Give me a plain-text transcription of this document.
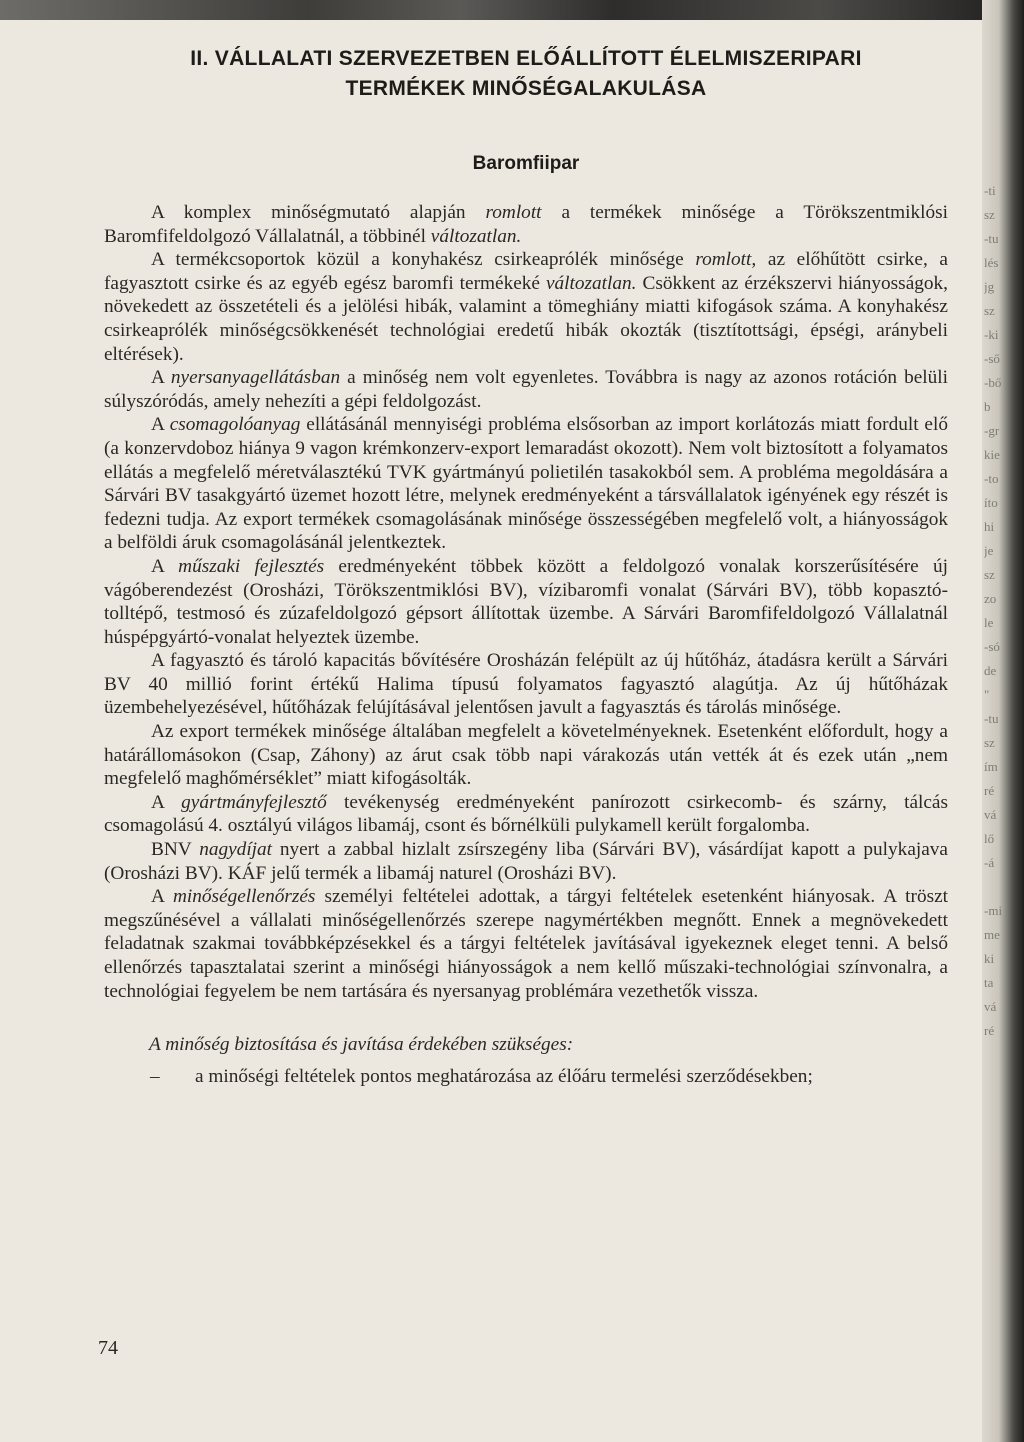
-ti
sz
-tu
lés
jg
sz
-ki
-ső
-bő
b
-gr
kie
-to
íto
hi
je
sz
zo
le
-só
de
"
-tu
sz
ím
ré
vá
lő
-á
-mi
me
ki
ta
vá
ré
II. VÁLLALATI SZERVEZETBEN ELŐÁLLÍTOTT ÉLELMISZERIPARI
TERMÉKEK MINŐSÉGALAKULÁSA
Baromfiipar

A komplex minőségmutató alapján romlott a termékek minősége a Törökszentmiklósi Baromfifeldolgozó Vállalatnál, a többinél változatlan.

A termékcsoportok közül a konyhakész csirkeaprólék minősége romlott, az előhűtött csirke, a fagyasztott csirke és az egyéb egész baromfi termékeké változatlan. Csökkent az érzékszervi hiányosságok, növekedett az összetételi és a jelölési hibák, valamint a tömeghiány miatti kifogások száma. A konyhakész csirkeaprólék minőségcsökkenését technológiai eredetű hibák okozták (tisztítottsági, épségi, aránybeli eltérések).

A nyersanyagellátásban a minőség nem volt egyenletes. Továbbra is nagy az azonos rotáción belüli súlyszóródás, amely nehezíti a gépi feldolgozást.

A csomagolóanyag ellátásánál mennyiségi probléma elsősorban az import korlátozás miatt fordult elő (a konzervdoboz hiánya 9 vagon krémkonzerv-export lemaradást okozott). Nem volt biztosított a folyamatos ellátás a megfelelő méretválasztékú TVK gyártmányú polietilén tasakokból sem. A probléma megoldására a Sárvári BV tasakgyártó üzemet hozott létre, melynek eredményeként a társvállalatok igényének egy részét is fedezni tudja. Az export termékek csomagolásának minősége összességében megfelelő volt, a hiányosságok a belföldi áruk csomagolásánál jelentkeztek.

A műszaki fejlesztés eredményeként többek között a feldolgozó vonalak korszerűsítésére új vágóberendezést (Orosházi, Törökszentmiklósi BV), vízibaromfi vonalat (Sárvári BV), több kopasztó-tolltépő, testmosó és zúzafeldolgozó gépsort állítottak üzembe. A Sárvári Baromfifeldolgozó Vállalatnál húspépgyártó-vonalat helyeztek üzembe.

A fagyasztó és tároló kapacitás bővítésére Orosházán felépült az új hűtőház, átadásra került a Sárvári BV 40 millió forint értékű Halima típusú folyamatos fagyasztó alagútja. Az új hűtőházak üzembehelyezésével, hűtőházak felújításával jelentősen javult a fagyasztás és tárolás minősége.

Az export termékek minősége általában megfelelt a követelményeknek. Esetenként előfordult, hogy a határállomásokon (Csap, Záhony) az árut csak több napi várakozás után vették át és ezek után „nem megfelelő maghőmérséklet” miatt kifogásolták.

A gyártmányfejlesztő tevékenység eredményeként panírozott csirkecomb- és szárny, tálcás csomagolású 4. osztályú világos libamáj, csont és bőrnélküli pulykamell került forgalomba.

BNV nagydíjat nyert a zabbal hizlalt zsírszegény liba (Sárvári BV), vásárdíjat kapott a pulykajava (Orosházi BV). KÁF jelű termék a libamáj naturel (Orosházi BV).

A minőségellenőrzés személyi feltételei adottak, a tárgyi feltételek esetenként hiányosak. A tröszt megszűnésével a vállalati minőségellenőrzés szerepe nagymértékben megnőtt. Ennek a megnövekedett feladatnak szakmai továbbképzésekkel és a tárgyi feltételek javításával igyekeznek eleget tenni. A belső ellenőrzés tapasztalatai szerint a minőségi hiányosságok a nem kellő műszaki-technológiai színvonalra, a technológiai fegyelem be nem tartására és nyersanyag problémára vezethetők vissza.

A minőség biztosítása és javítása érdekében szükséges:
–	a minőségi feltételek pontos meghatározása az élőáru termelési szerződésekben;
74
